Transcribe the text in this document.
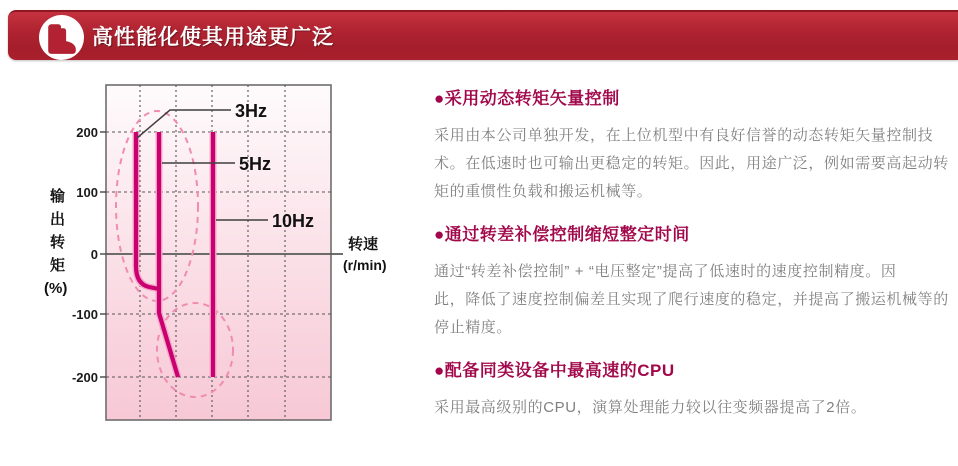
高性能化使其用途更广泛
3Hz
5Hz
10Hz
200
100
0
-100
-200

输
出
转
矩
(%)
转速
(r/min)
●采用动态转矩矢量控制

采用由本公司单独开发，在上位机型中有良好信誉的动态转矩矢量控制技
术。在低速时也可输出更稳定的转矩。因此，用途广泛，例如需要高起动转
矩的重惯性负载和搬运机械等。

●通过转差补偿控制缩短整定时间

通过“转差补偿控制” + “电压整定”提高了低速时的速度控制精度。因
此，降低了速度控制偏差且实现了爬行速度的稳定，并提高了搬运机械等的
停止精度。

●配备同类设备中最高速的CPU

采用最高级别的CPU，演算处理能力较以往变频器提高了2倍。
